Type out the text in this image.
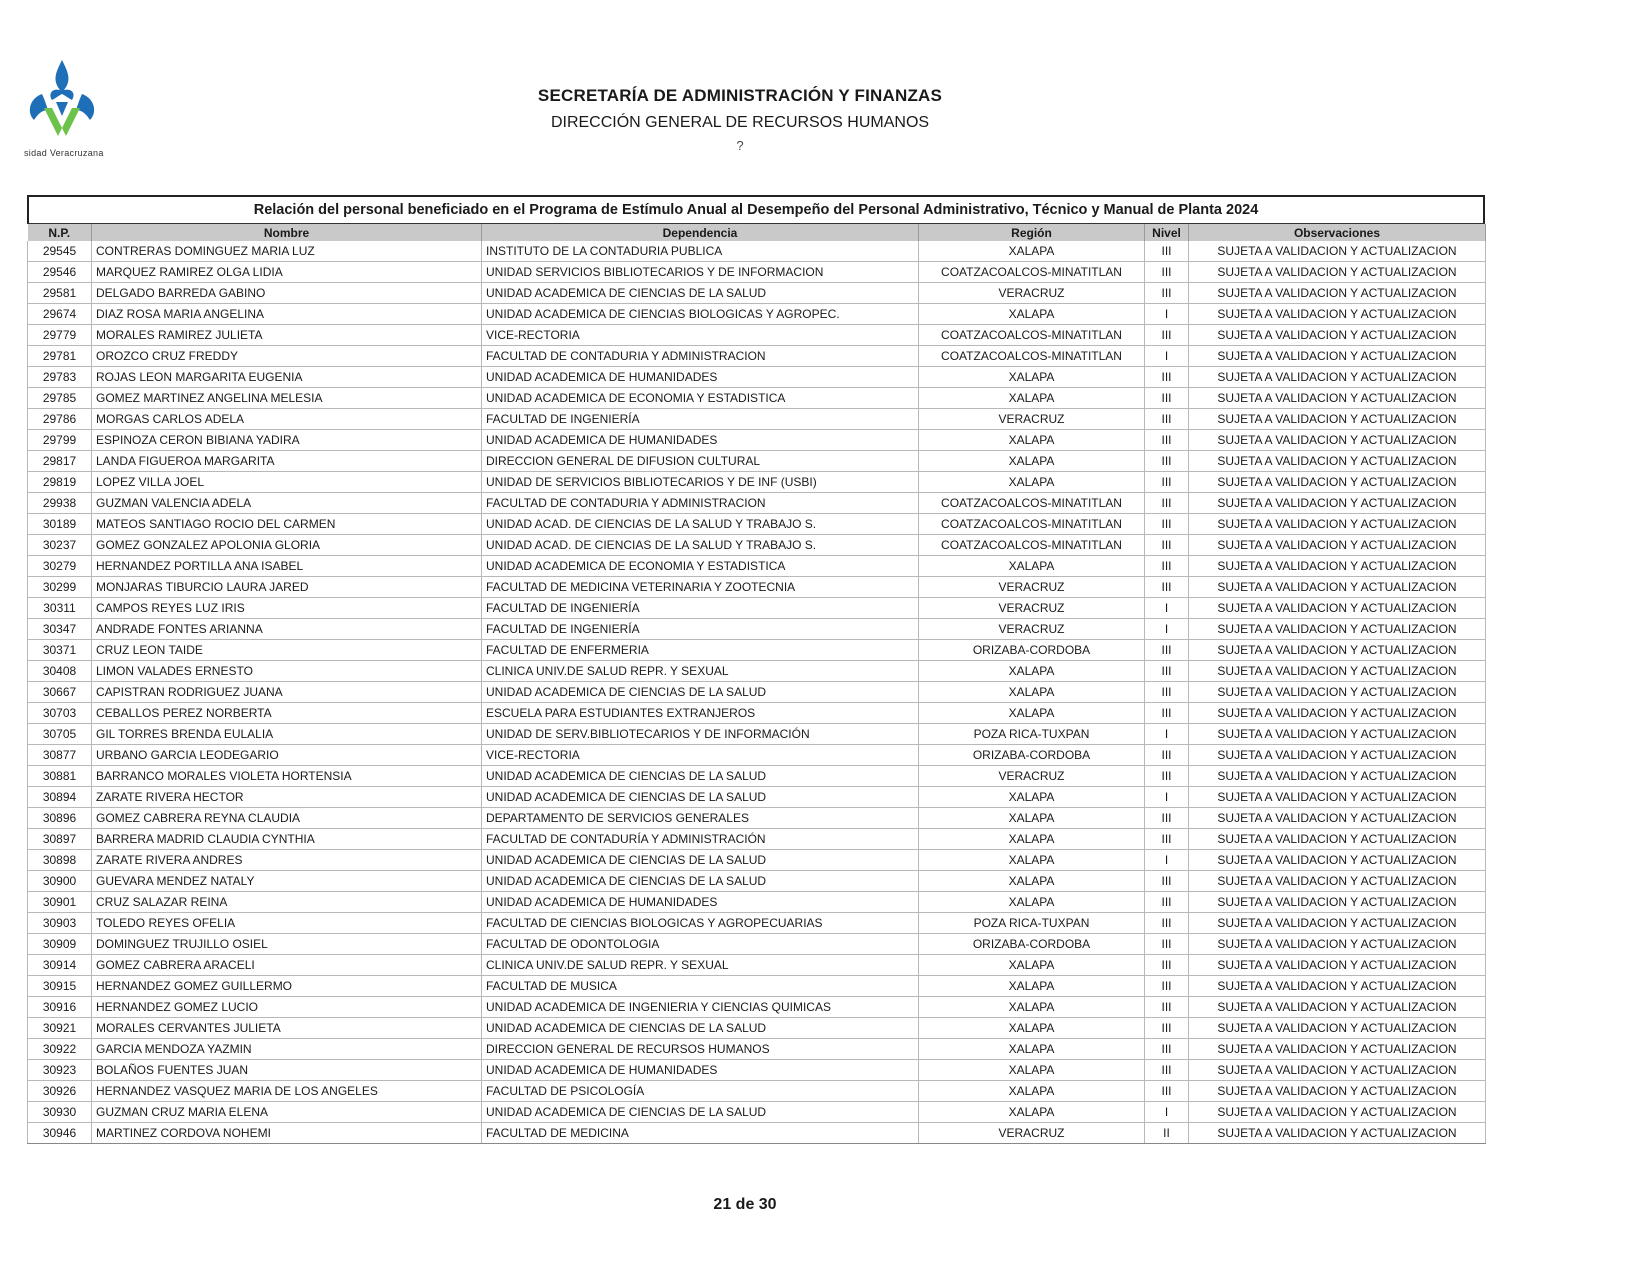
sidad Veracruzana
SECRETARÍA DE ADMINISTRACIÓN Y FINANZAS
DIRECCIÓN GENERAL DE RECURSOS HUMANOS
?
Relación del personal beneficiado en el Programa de Estímulo Anual al Desempeño del Personal Administrativo, Técnico y Manual de Planta 2024
N.P.	Nombre	Dependencia	Región	Nivel	Observaciones
29545	CONTRERAS DOMINGUEZ MARIA LUZ	INSTITUTO DE LA CONTADURIA PUBLICA	XALAPA	III	SUJETA A VALIDACION Y ACTUALIZACION
29546	MARQUEZ RAMIREZ OLGA LIDIA	UNIDAD SERVICIOS BIBLIOTECARIOS Y DE INFORMACION	COATZACOALCOS-MINATITLAN	III	SUJETA A VALIDACION Y ACTUALIZACION
29581	DELGADO BARREDA GABINO	UNIDAD ACADEMICA DE CIENCIAS DE LA SALUD	VERACRUZ	III	SUJETA A VALIDACION Y ACTUALIZACION
29674	DIAZ ROSA MARIA ANGELINA	UNIDAD ACADEMICA DE CIENCIAS BIOLOGICAS Y AGROPEC.	XALAPA	I	SUJETA A VALIDACION Y ACTUALIZACION
29779	MORALES RAMIREZ JULIETA	VICE-RECTORIA	COATZACOALCOS-MINATITLAN	III	SUJETA A VALIDACION Y ACTUALIZACION
29781	OROZCO CRUZ FREDDY	FACULTAD DE CONTADURIA Y ADMINISTRACION	COATZACOALCOS-MINATITLAN	I	SUJETA A VALIDACION Y ACTUALIZACION
29783	ROJAS LEON MARGARITA EUGENIA	UNIDAD ACADEMICA DE HUMANIDADES	XALAPA	III	SUJETA A VALIDACION Y ACTUALIZACION
29785	GOMEZ MARTINEZ ANGELINA MELESIA	UNIDAD ACADEMICA DE ECONOMIA Y ESTADISTICA	XALAPA	III	SUJETA A VALIDACION Y ACTUALIZACION
29786	MORGAS CARLOS ADELA	FACULTAD DE INGENIERÍA	VERACRUZ	III	SUJETA A VALIDACION Y ACTUALIZACION
29799	ESPINOZA CERON BIBIANA YADIRA	UNIDAD ACADEMICA DE HUMANIDADES	XALAPA	III	SUJETA A VALIDACION Y ACTUALIZACION
29817	LANDA FIGUEROA MARGARITA	DIRECCION GENERAL DE DIFUSION CULTURAL	XALAPA	III	SUJETA A VALIDACION Y ACTUALIZACION
29819	LOPEZ VILLA JOEL	UNIDAD DE SERVICIOS BIBLIOTECARIOS Y DE INF (USBI)	XALAPA	III	SUJETA A VALIDACION Y ACTUALIZACION
29938	GUZMAN VALENCIA ADELA	FACULTAD DE CONTADURIA Y ADMINISTRACION	COATZACOALCOS-MINATITLAN	III	SUJETA A VALIDACION Y ACTUALIZACION
30189	MATEOS SANTIAGO ROCIO DEL CARMEN	UNIDAD ACAD. DE CIENCIAS DE LA SALUD Y TRABAJO S.	COATZACOALCOS-MINATITLAN	III	SUJETA A VALIDACION Y ACTUALIZACION
30237	GOMEZ GONZALEZ APOLONIA GLORIA	UNIDAD ACAD. DE CIENCIAS DE LA SALUD Y TRABAJO S.	COATZACOALCOS-MINATITLAN	III	SUJETA A VALIDACION Y ACTUALIZACION
30279	HERNANDEZ PORTILLA ANA ISABEL	UNIDAD ACADEMICA DE ECONOMIA Y ESTADISTICA	XALAPA	III	SUJETA A VALIDACION Y ACTUALIZACION
30299	MONJARAS TIBURCIO LAURA JARED	FACULTAD DE MEDICINA VETERINARIA Y ZOOTECNIA	VERACRUZ	III	SUJETA A VALIDACION Y ACTUALIZACION
30311	CAMPOS REYES LUZ IRIS	FACULTAD DE INGENIERÍA	VERACRUZ	I	SUJETA A VALIDACION Y ACTUALIZACION
30347	ANDRADE FONTES ARIANNA	FACULTAD DE INGENIERÍA	VERACRUZ	I	SUJETA A VALIDACION Y ACTUALIZACION
30371	CRUZ LEON TAIDE	FACULTAD DE ENFERMERIA	ORIZABA-CORDOBA	III	SUJETA A VALIDACION Y ACTUALIZACION
30408	LIMON VALADES ERNESTO	CLINICA UNIV.DE SALUD REPR. Y SEXUAL	XALAPA	III	SUJETA A VALIDACION Y ACTUALIZACION
30667	CAPISTRAN RODRIGUEZ JUANA	UNIDAD ACADEMICA DE CIENCIAS DE LA SALUD	XALAPA	III	SUJETA A VALIDACION Y ACTUALIZACION
30703	CEBALLOS PEREZ NORBERTA	ESCUELA PARA ESTUDIANTES EXTRANJEROS	XALAPA	III	SUJETA A VALIDACION Y ACTUALIZACION
30705	GIL TORRES BRENDA EULALIA	UNIDAD DE SERV.BIBLIOTECARIOS Y DE INFORMACIÓN	POZA RICA-TUXPAN	I	SUJETA A VALIDACION Y ACTUALIZACION
30877	URBANO GARCIA LEODEGARIO	VICE-RECTORIA	ORIZABA-CORDOBA	III	SUJETA A VALIDACION Y ACTUALIZACION
30881	BARRANCO MORALES VIOLETA HORTENSIA	UNIDAD ACADEMICA DE CIENCIAS DE LA SALUD	VERACRUZ	III	SUJETA A VALIDACION Y ACTUALIZACION
30894	ZARATE RIVERA HECTOR	UNIDAD ACADEMICA DE CIENCIAS DE LA SALUD	XALAPA	I	SUJETA A VALIDACION Y ACTUALIZACION
30896	GOMEZ CABRERA REYNA CLAUDIA	DEPARTAMENTO DE SERVICIOS GENERALES	XALAPA	III	SUJETA A VALIDACION Y ACTUALIZACION
30897	BARRERA MADRID CLAUDIA CYNTHIA	FACULTAD DE CONTADURÍA Y ADMINISTRACIÓN	XALAPA	III	SUJETA A VALIDACION Y ACTUALIZACION
30898	ZARATE RIVERA ANDRES	UNIDAD ACADEMICA DE CIENCIAS DE LA SALUD	XALAPA	I	SUJETA A VALIDACION Y ACTUALIZACION
30900	GUEVARA MENDEZ NATALY	UNIDAD ACADEMICA DE CIENCIAS DE LA SALUD	XALAPA	III	SUJETA A VALIDACION Y ACTUALIZACION
30901	CRUZ SALAZAR REINA	UNIDAD ACADEMICA DE HUMANIDADES	XALAPA	III	SUJETA A VALIDACION Y ACTUALIZACION
30903	TOLEDO REYES OFELIA	FACULTAD DE CIENCIAS BIOLOGICAS Y AGROPECUARIAS	POZA RICA-TUXPAN	III	SUJETA A VALIDACION Y ACTUALIZACION
30909	DOMINGUEZ TRUJILLO OSIEL	FACULTAD DE ODONTOLOGIA	ORIZABA-CORDOBA	III	SUJETA A VALIDACION Y ACTUALIZACION
30914	GOMEZ CABRERA ARACELI	CLINICA UNIV.DE SALUD REPR. Y SEXUAL	XALAPA	III	SUJETA A VALIDACION Y ACTUALIZACION
30915	HERNANDEZ GOMEZ GUILLERMO	FACULTAD DE MUSICA	XALAPA	III	SUJETA A VALIDACION Y ACTUALIZACION
30916	HERNANDEZ GOMEZ LUCIO	UNIDAD ACADEMICA DE INGENIERIA Y CIENCIAS QUIMICAS	XALAPA	III	SUJETA A VALIDACION Y ACTUALIZACION
30921	MORALES CERVANTES JULIETA	UNIDAD ACADEMICA DE CIENCIAS DE LA SALUD	XALAPA	III	SUJETA A VALIDACION Y ACTUALIZACION
30922	GARCIA MENDOZA YAZMIN	DIRECCION GENERAL DE RECURSOS HUMANOS	XALAPA	III	SUJETA A VALIDACION Y ACTUALIZACION
30923	BOLAÑOS FUENTES JUAN	UNIDAD ACADEMICA DE HUMANIDADES	XALAPA	III	SUJETA A VALIDACION Y ACTUALIZACION
30926	HERNANDEZ VASQUEZ MARIA DE LOS ANGELES	FACULTAD DE PSICOLOGÍA	XALAPA	III	SUJETA A VALIDACION Y ACTUALIZACION
30930	GUZMAN CRUZ MARIA ELENA	UNIDAD ACADEMICA DE CIENCIAS DE LA SALUD	XALAPA	I	SUJETA A VALIDACION Y ACTUALIZACION
30946	MARTINEZ CORDOVA NOHEMI	FACULTAD DE MEDICINA	VERACRUZ	II	SUJETA A VALIDACION Y ACTUALIZACION
21 de 30
